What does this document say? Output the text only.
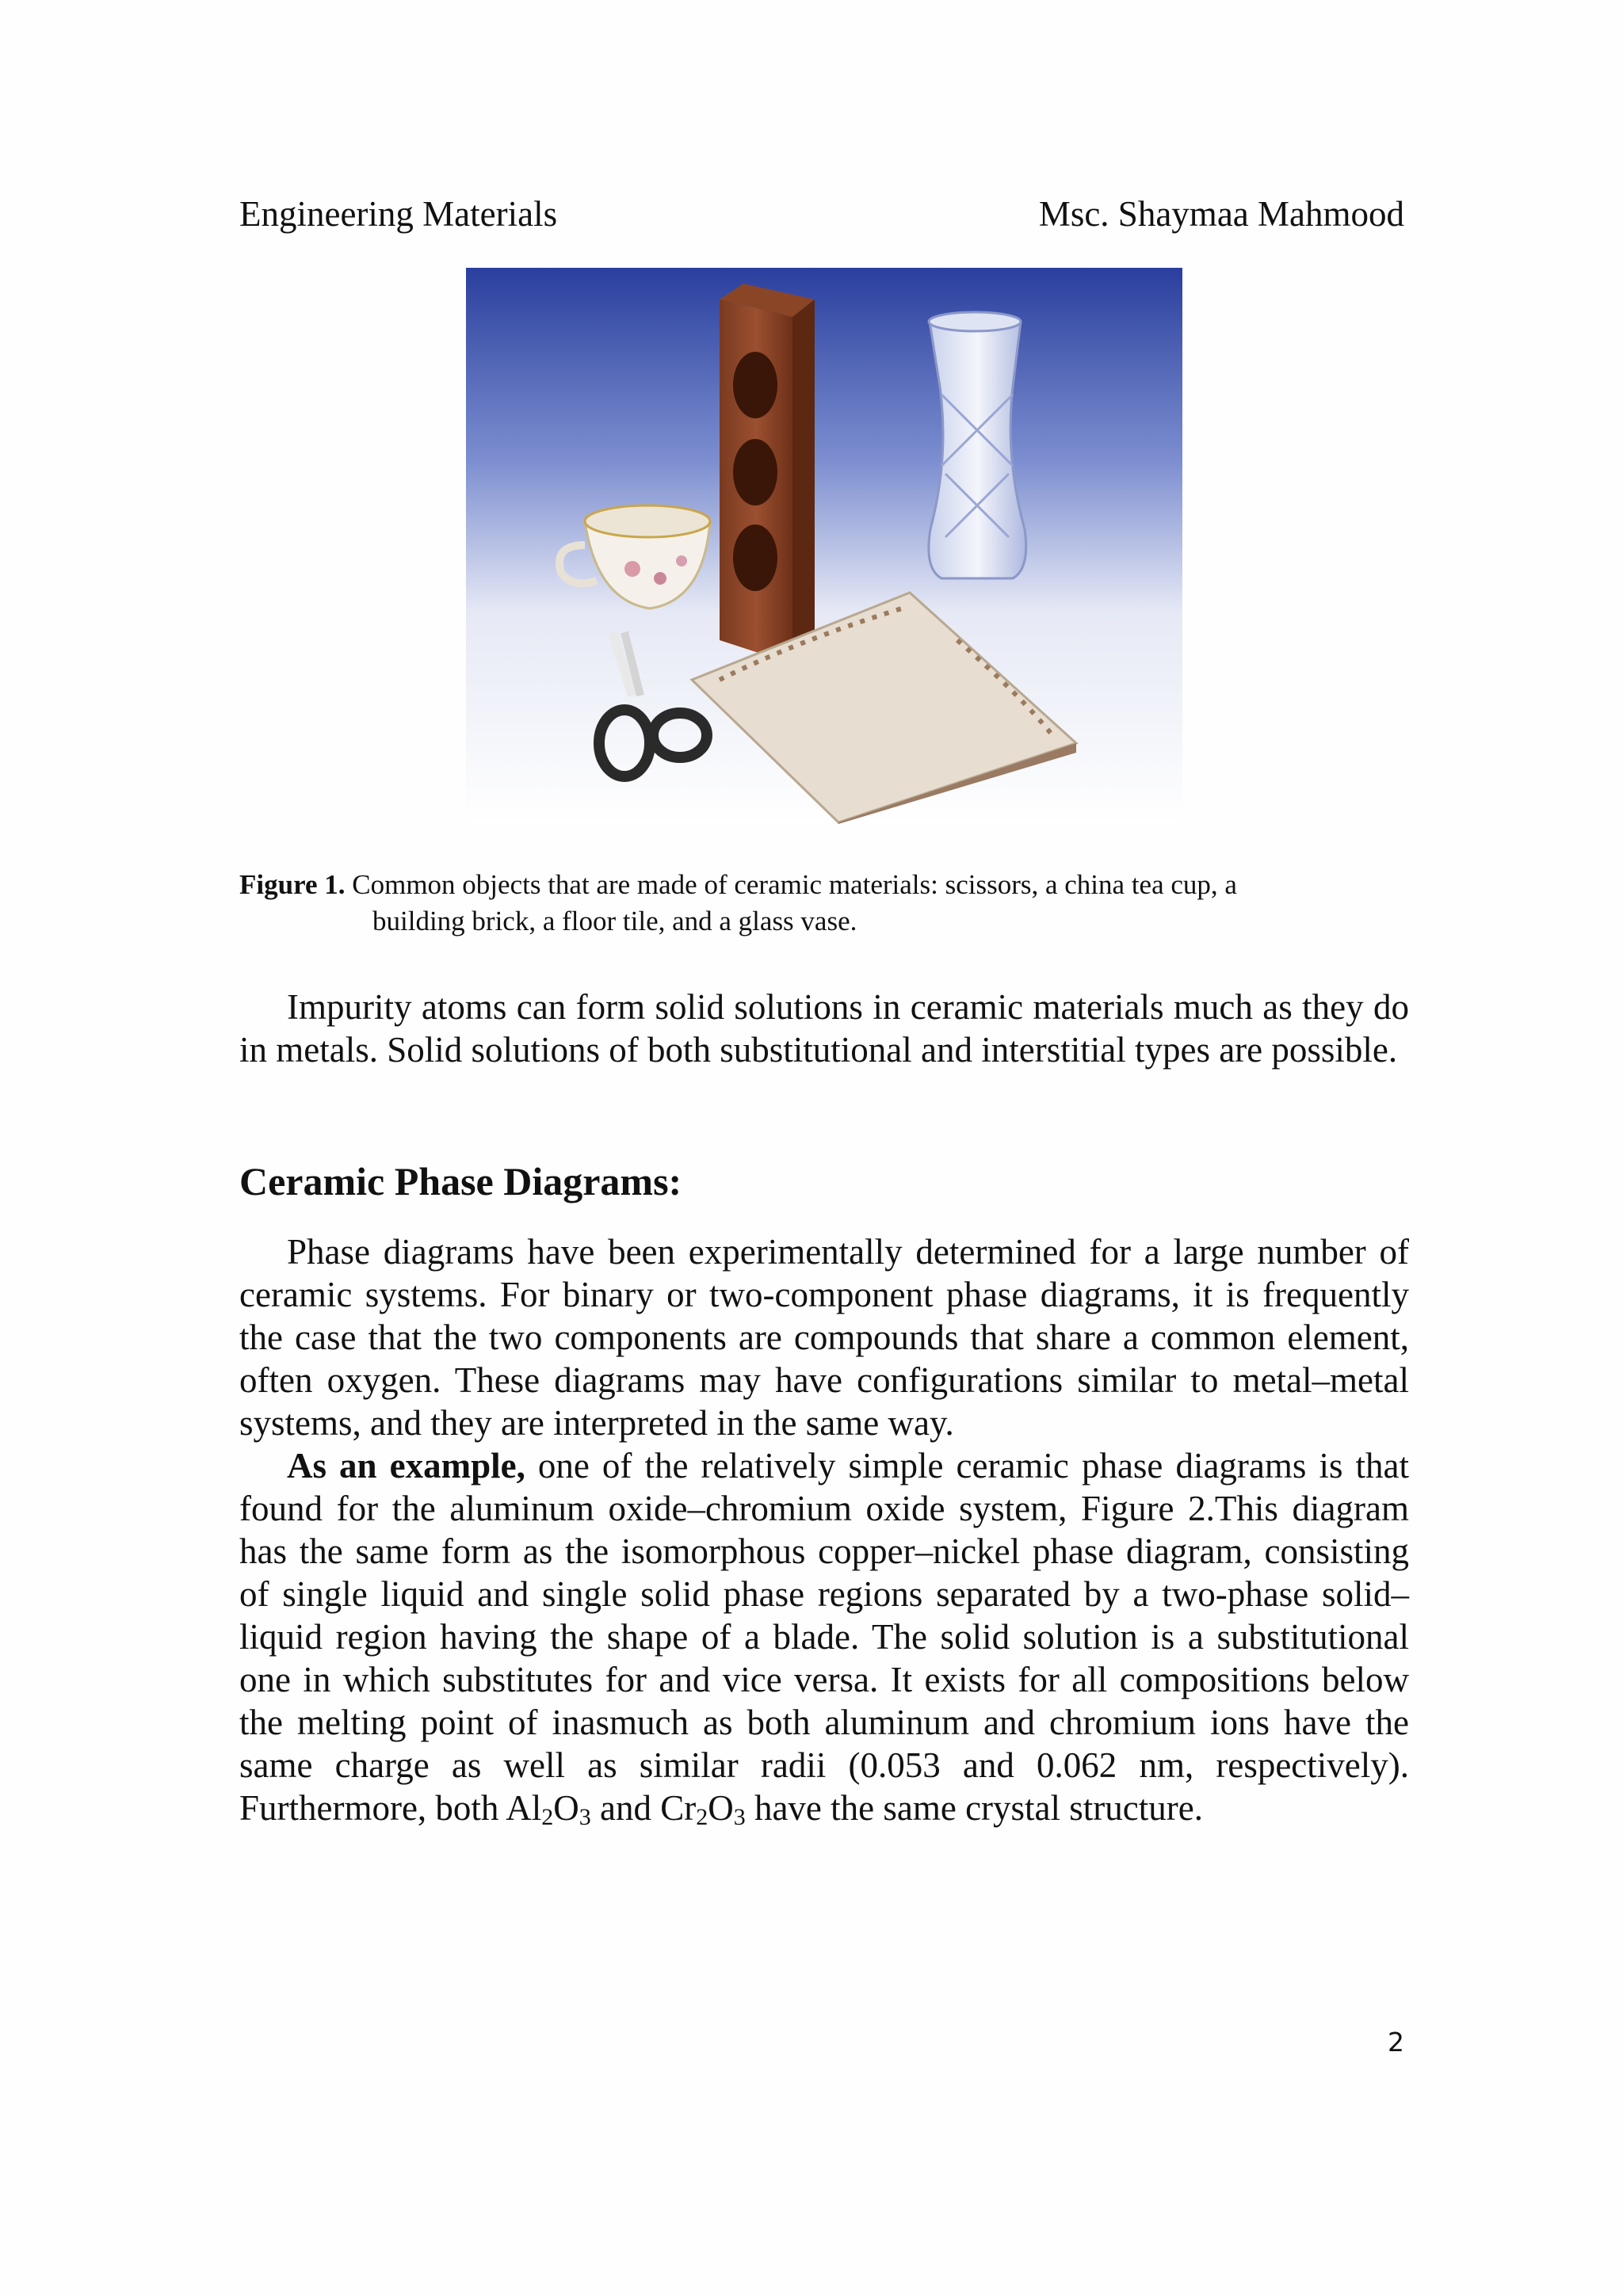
Engineering Materials	Msc. Shaymaa Mahmood
Figure 1. Common objects that are made of ceramic materials: scissors, a china tea cup, a
building brick, a floor tile, and a glass vase.

Impurity atoms can form solid solutions in ceramic materials much as they do in metals. Solid solutions of both substitutional and interstitial types are possible.

Ceramic Phase Diagrams:

Phase diagrams have been experimentally determined for a large number of ceramic systems. For binary or two-component phase diagrams, it is frequently the case that the two components are compounds that share a common element, often oxygen. These diagrams may have configurations similar to metal–metal systems, and they are interpreted in the same way.

As an example, one of the relatively simple ceramic phase diagrams is that found for the aluminum oxide–chromium oxide system, Figure 2.This diagram has the same form as the isomorphous copper–nickel phase diagram, consisting of single liquid and single solid phase regions separated by a two-phase solid–liquid region having the shape of a blade. The solid solution is a substitutional one in which substitutes for and vice versa. It exists for all compositions below the melting point of inasmuch as both aluminum and chromium ions have the same charge as well as similar radii (0.053 and 0.062 nm, respectively). Furthermore, both $Al_2O_3$ and $Cr_2O_3$ have the same crystal structure.

2
